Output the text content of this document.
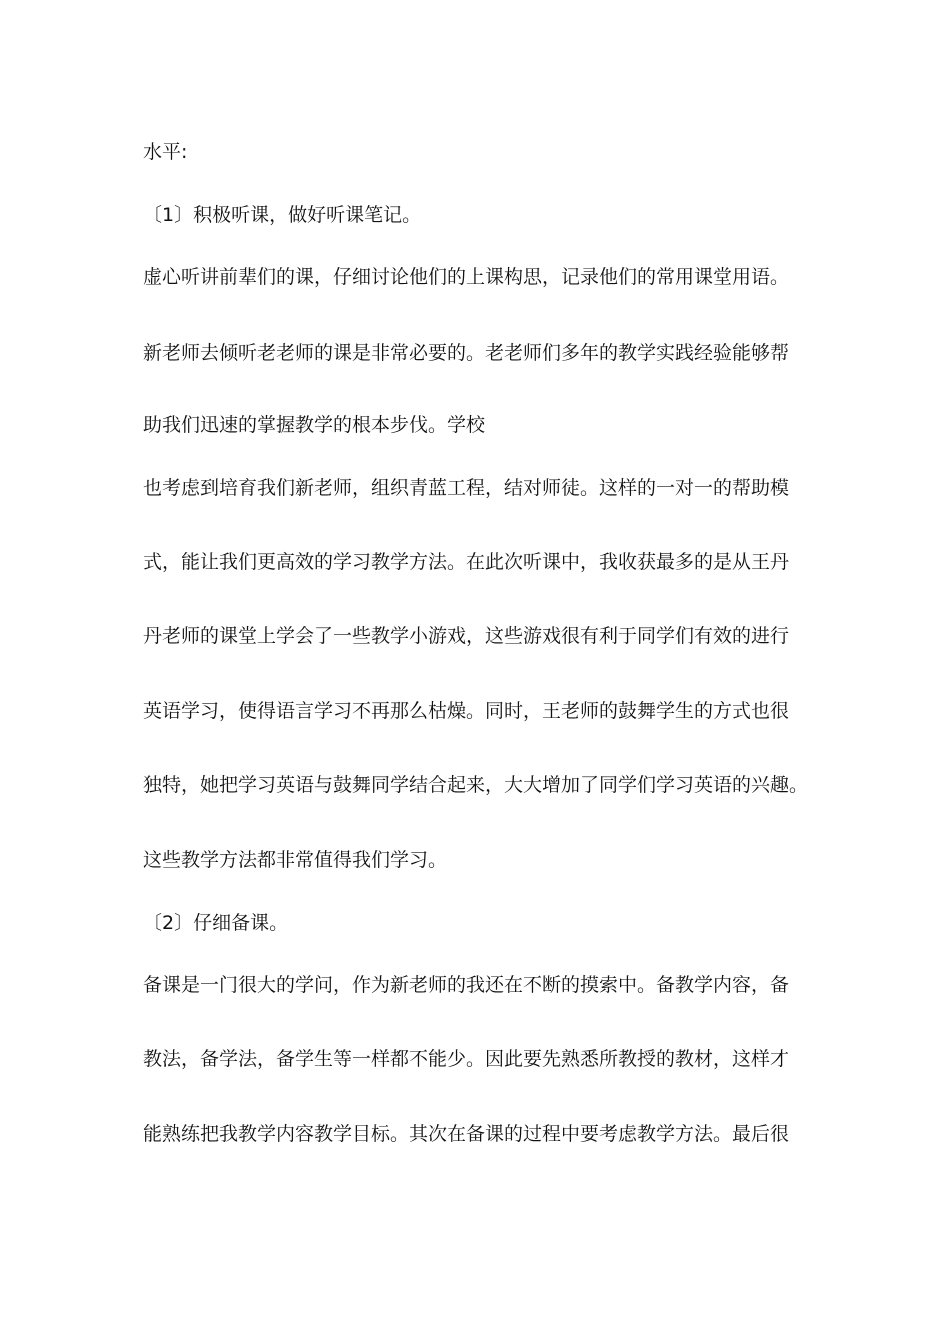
水平:
〔1〕积极听课，做好听课笔记。
虚心听讲前辈们的课，仔细讨论他们的上课构思，记录他们的常用课堂用语。
新老师去倾听老老师的课是非常必要的。老老师们多年的教学实践经验能够帮
助我们迅速的掌握教学的根本步伐。学校
也考虑到培育我们新老师，组织青蓝工程，结对师徒。这样的一对一的帮助模
式，能让我们更高效的学习教学方法。在此次听课中，我收获最多的是从王丹
丹老师的课堂上学会了一些教学小游戏，这些游戏很有利于同学们有效的进行
英语学习，使得语言学习不再那么枯燥。同时，王老师的鼓舞学生的方式也很
独特，她把学习英语与鼓舞同学结合起来，大大增加了同学们学习英语的兴趣。
这些教学方法都非常值得我们学习。
〔2〕仔细备课。
备课是一门很大的学问，作为新老师的我还在不断的摸索中。备教学内容，备
教法，备学法，备学生等一样都不能少。因此要先熟悉所教授的教材，这样才
能熟练把我教学内容教学目标。其次在备课的过程中要考虑教学方法。最后很
